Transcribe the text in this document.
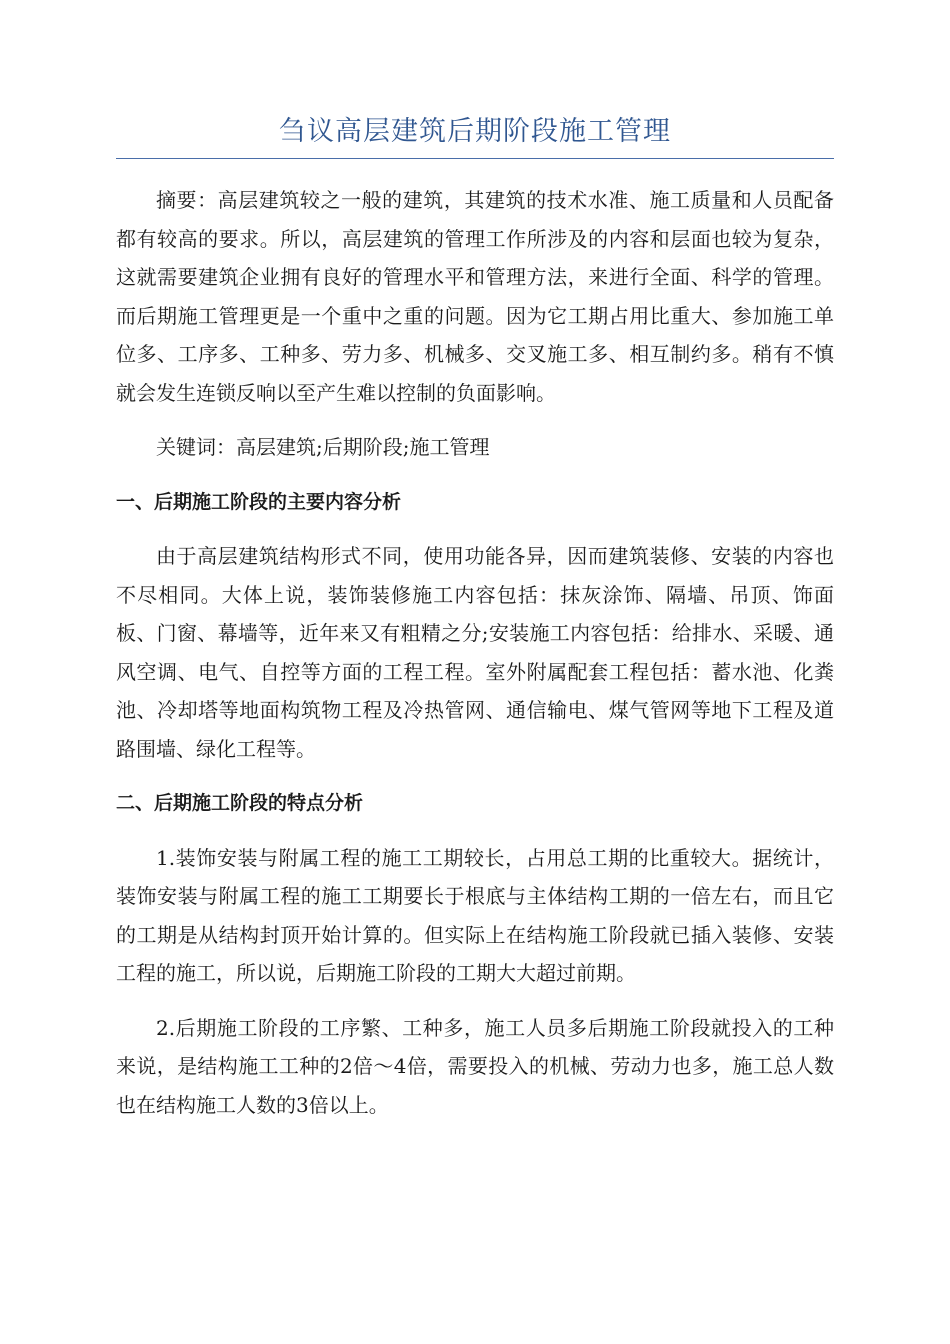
刍议高层建筑后期阶段施工管理

摘要：高层建筑较之一般的建筑，其建筑的技术水准、施工质量和人员配备都有较高的要求。所以，高层建筑的管理工作所涉及的内容和层面也较为复杂，这就需要建筑企业拥有良好的管理水平和管理方法，来进行全面、科学的管理。而后期施工管理更是一个重中之重的问题。因为它工期占用比重大、参加施工单位多、工序多、工种多、劳力多、机械多、交叉施工多、相互制约多。稍有不慎就会发生连锁反响以至产生难以控制的负面影响。

关键词：高层建筑;后期阶段;施工管理

一、后期施工阶段的主要内容分析

由于高层建筑结构形式不同，使用功能各异，因而建筑装修、安装的内容也不尽相同。大体上说，装饰装修施工内容包括：抹灰涂饰、隔墙、吊顶、饰面板、门窗、幕墙等，近年来又有粗精之分;安装施工内容包括：给排水、采暖、通风空调、电气、自控等方面的工程工程。室外附属配套工程包括：蓄水池、化粪池、冷却塔等地面构筑物工程及冷热管网、通信输电、煤气管网等地下工程及道路围墙、绿化工程等。

二、后期施工阶段的特点分析

1.装饰安装与附属工程的施工工期较长，占用总工期的比重较大。据统计，装饰安装与附属工程的施工工期要长于根底与主体结构工期的一倍左右，而且它的工期是从结构封顶开始计算的。但实际上在结构施工阶段就已插入装修、安装工程的施工，所以说，后期施工阶段的工期大大超过前期。

2.后期施工阶段的工序繁、工种多，施工人员多后期施工阶段就投入的工种来说，是结构施工工种的2倍～4倍，需要投入的机械、劳动力也多，施工总人数也在结构施工人数的3倍以上。
